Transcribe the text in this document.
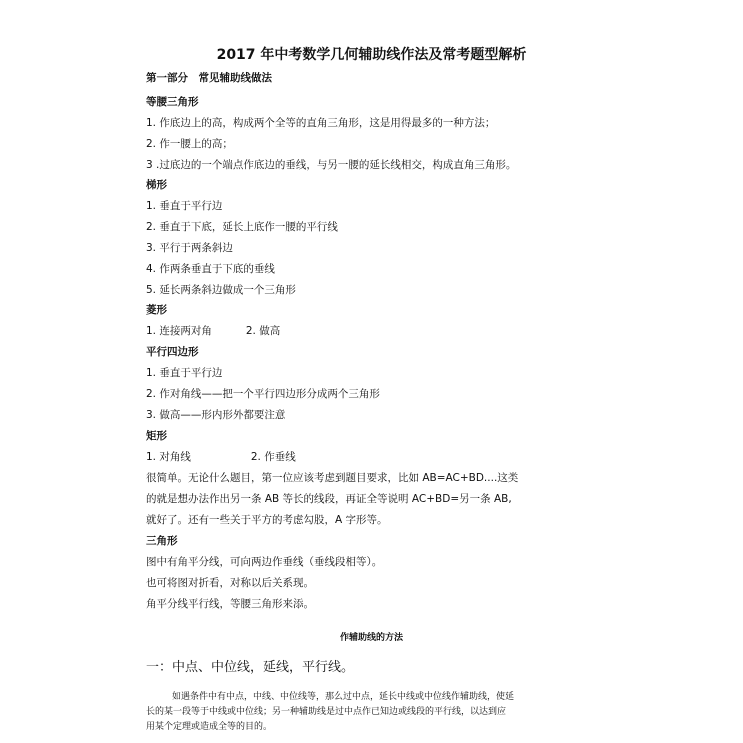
2017 年中考数学几何辅助线作法及常考题型解析
第一部分　常见辅助线做法
等腰三角形
1. 作底边上的高，构成两个全等的直角三角形，这是用得最多的一种方法；
2. 作一腰上的高；
3 .过底边的一个端点作底边的垂线，与另一腰的延长线相交，构成直角三角形。
梯形
1. 垂直于平行边
2. 垂直于下底，延长上底作一腰的平行线
3. 平行于两条斜边
4. 作两条垂直于下底的垂线
5. 延长两条斜边做成一个三角形
菱形
1. 连接两对角	2. 做高
平行四边形
1. 垂直于平行边
2. 作对角线——把一个平行四边形分成两个三角形
3. 做高——形内形外都要注意
矩形
1. 对角线	2. 作垂线
很简单。无论什么题目，第一位应该考虑到题目要求，比如 AB=AC+BD....这类
的就是想办法作出另一条 AB 等长的线段，再证全等说明 AC+BD=另一条 AB,
就好了。还有一些关于平方的考虑勾股，A 字形等。
三角形
图中有角平分线，可向两边作垂线（垂线段相等）。
也可将图对折看，对称以后关系现。
角平分线平行线，等腰三角形来添。
作辅助线的方法
一：中点、中位线，延线，平行线。
如遇条件中有中点，中线、中位线等，那么过中点，延长中线或中位线作辅助线，使延
长的某一段等于中线或中位线；另一种辅助线是过中点作已知边或线段的平行线，以达到应
用某个定理或造成全等的目的。
